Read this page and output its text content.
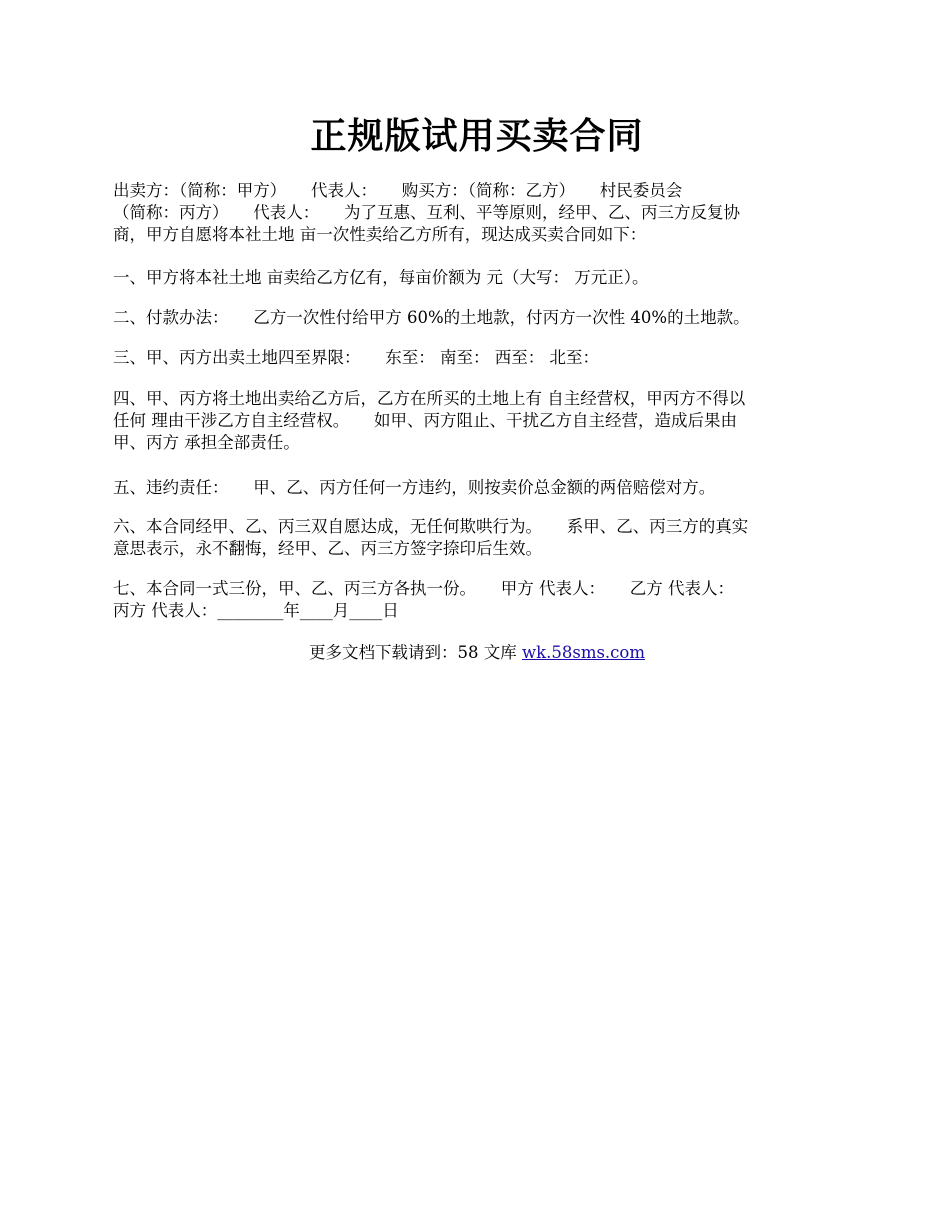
正规版试用买卖合同
出卖方：（简称：甲方）　　代表人：　　购买方：（简称：乙方）　　村民委员会
（简称：丙方）　　代表人：　　为了互惠、互利、平等原则，经甲、乙、丙三方反复协
商，甲方自愿将本社土地 亩一次性卖给乙方所有，现达成买卖合同如下：
一、甲方将本社土地 亩卖给乙方亿有，每亩价额为 元（大写： 万元正）。
二、付款办法：　　乙方一次性付给甲方 60%的土地款，付丙方一次性 40%的土地款。
三、甲、丙方出卖土地四至界限：　　东至： 南至： 西至： 北至：
四、甲、丙方将土地出卖给乙方后，乙方在所买的土地上有 自主经营权，甲丙方不得以
任何 理由干涉乙方自主经营权。　　如甲、丙方阻止、干扰乙方自主经营，造成后果由
甲、丙方 承担全部责任。
五、违约责任：　　甲、乙、丙方任何一方违约，则按卖价总金额的两倍赔偿对方。
六、本合同经甲、乙、丙三双自愿达成，无任何欺哄行为。　　系甲、乙、丙三方的真实
意思表示，永不翻悔，经甲、乙、丙三方签字捺印后生效。
七、本合同一式三份，甲、乙、丙三方各执一份。　　甲方 代表人：　　乙方 代表人：
丙方 代表人：________年____月____日
更多文档下载请到：58 文库 wk.58sms.com
